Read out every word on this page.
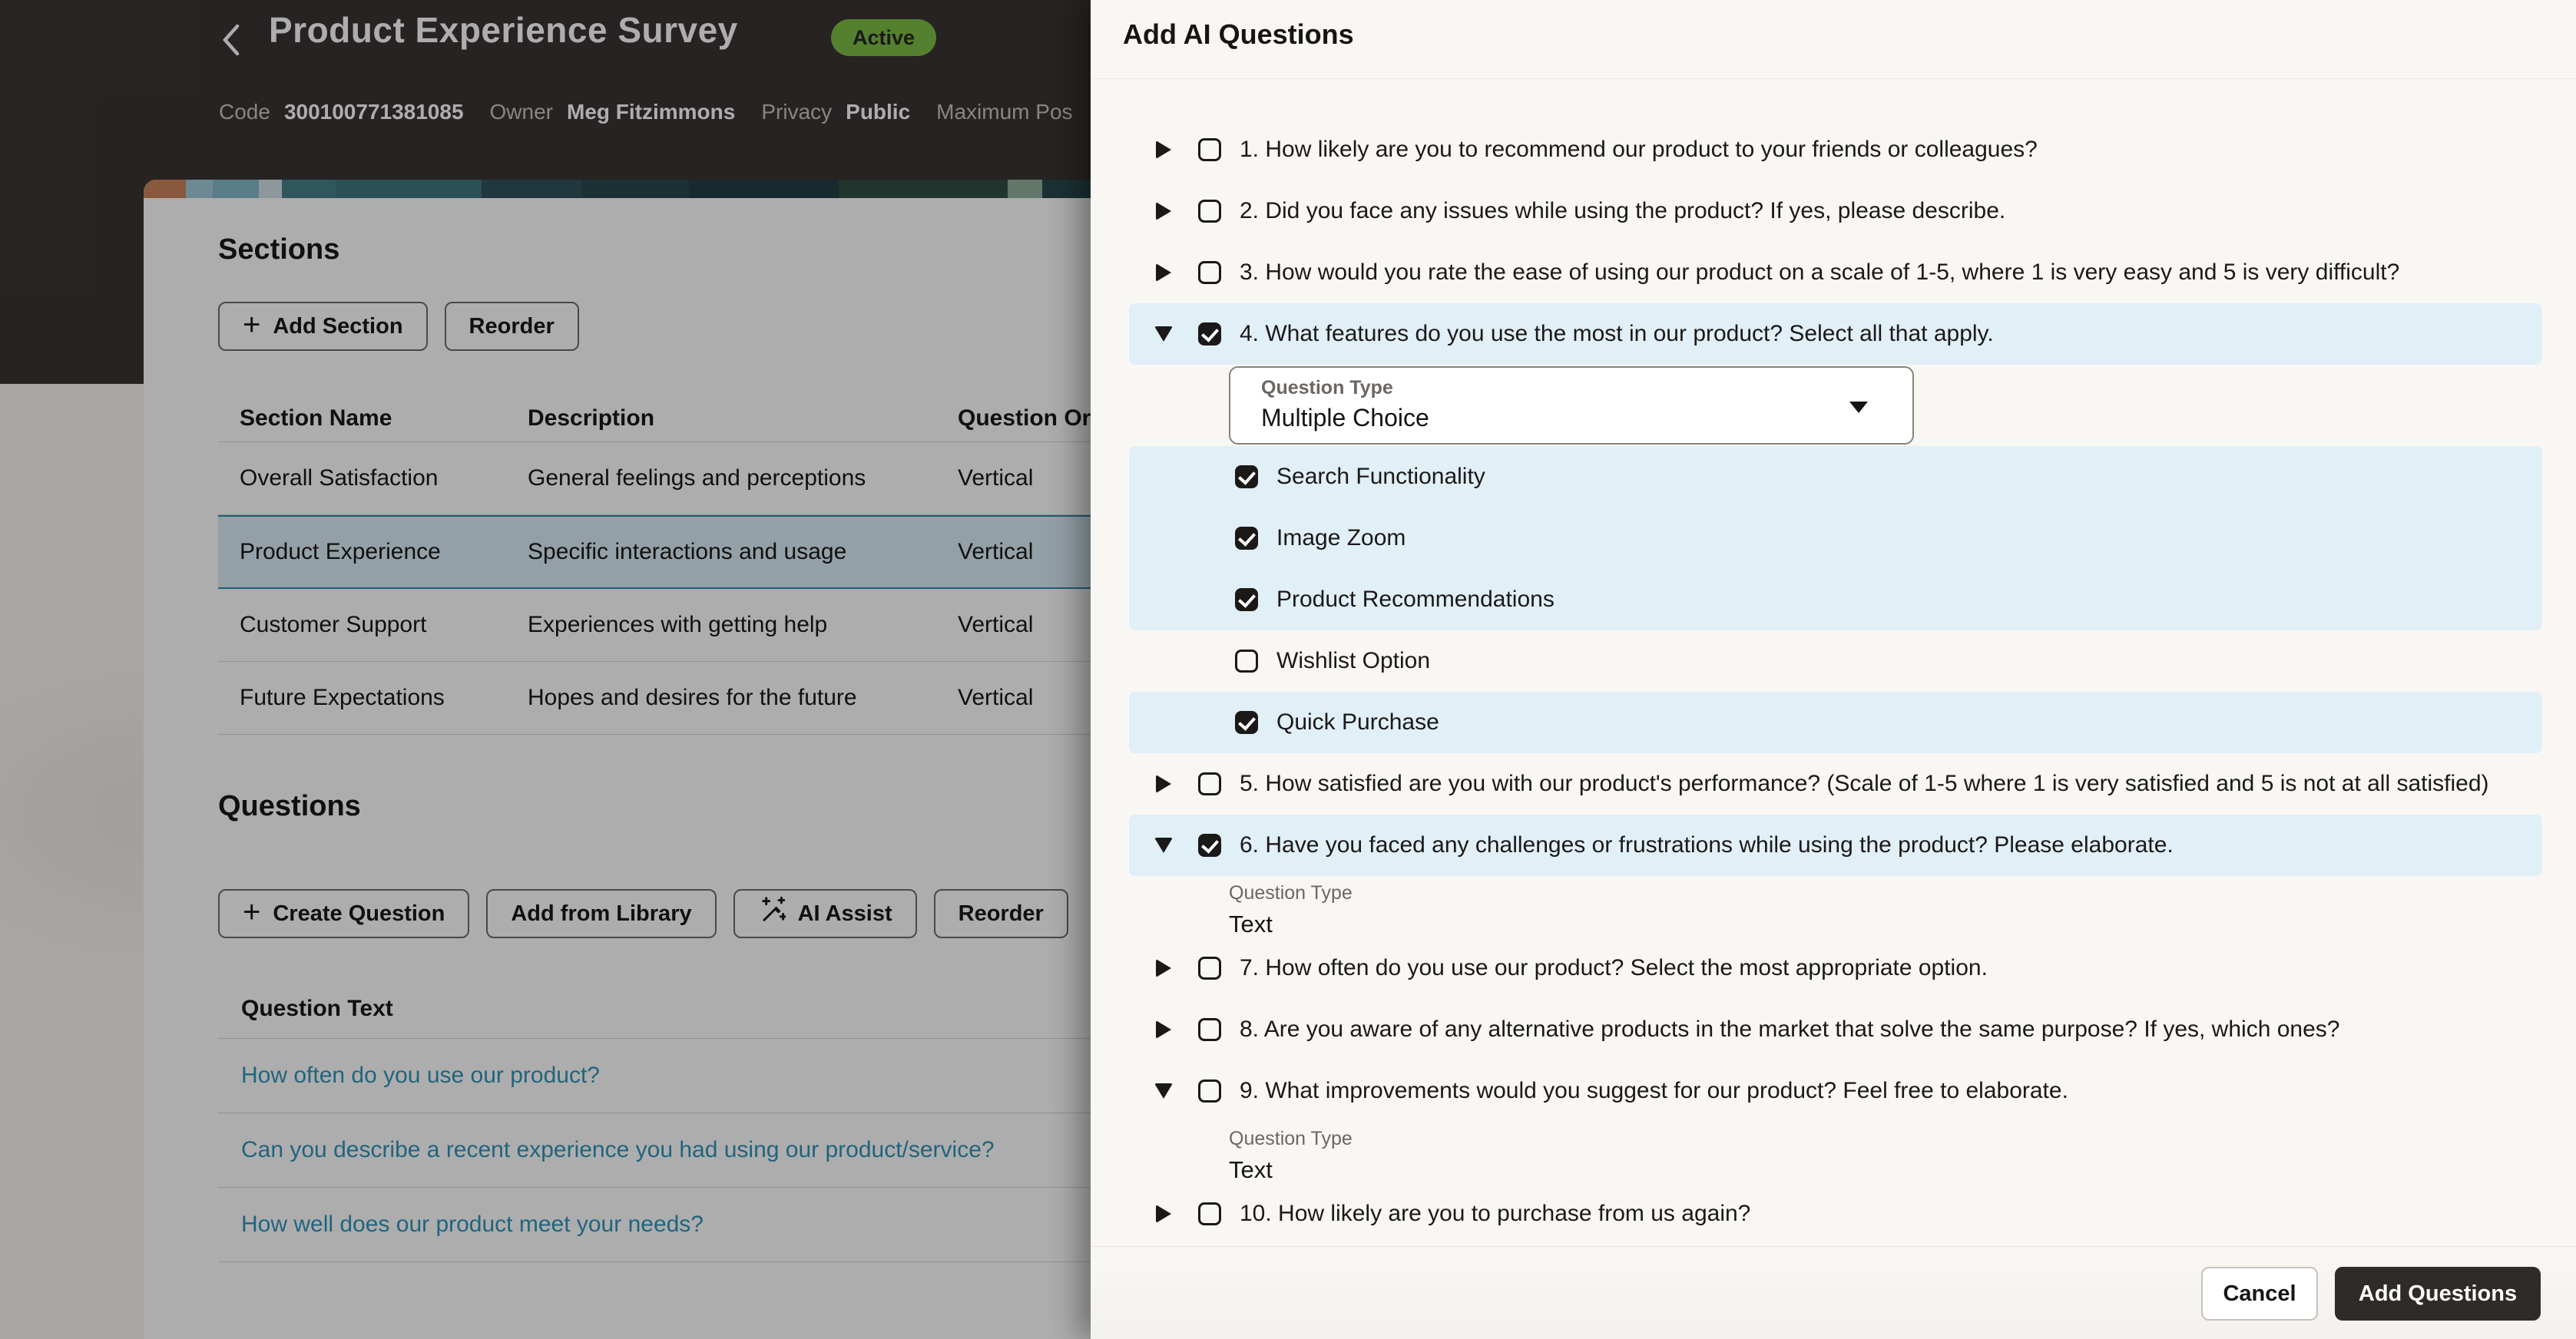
Product Experience Survey	Active
Code 300100771381085 Owner Meg Fitzimmons Privacy Public Maximum Pos
Sections
+ Add Section	Reorder
Section Name	Description	Question Or
Overall Satisfaction	General feelings and perceptions	Vertical
Product Experience	Specific interactions and usage	Vertical
Customer Support	Experiences with getting help	Vertical
Future Expectations	Hopes and desires for the future	Vertical
Questions
+ Create Question	Add from Library	AI Assist	Reorder
Question Text
How often do you use our product?
Can you describe a recent experience you had using our product/service?
How well does our product meet your needs?
Add AI Questions
1. How likely are you to recommend our product to your friends or colleagues?
2. Did you face any issues while using the product? If yes, please describe.
3. How would you rate the ease of using our product on a scale of 1-5, where 1 is very easy and 5 is very difficult?
4. What features do you use the most in our product? Select all that apply.
Question Type
Multiple Choice
Search Functionality
Image Zoom
Product Recommendations
Wishlist Option
Quick Purchase
5. How satisfied are you with our product's performance? (Scale of 1-5 where 1 is very satisfied and 5 is not at all satisfied)
6. Have you faced any challenges or frustrations while using the product? Please elaborate.
Question Type
Text
7. How often do you use our product? Select the most appropriate option.
8. Are you aware of any alternative products in the market that solve the same purpose? If yes, which ones?
9. What improvements would you suggest for our product? Feel free to elaborate.
Question Type
Text
10. How likely are you to purchase from us again?
Cancel	Add Questions
